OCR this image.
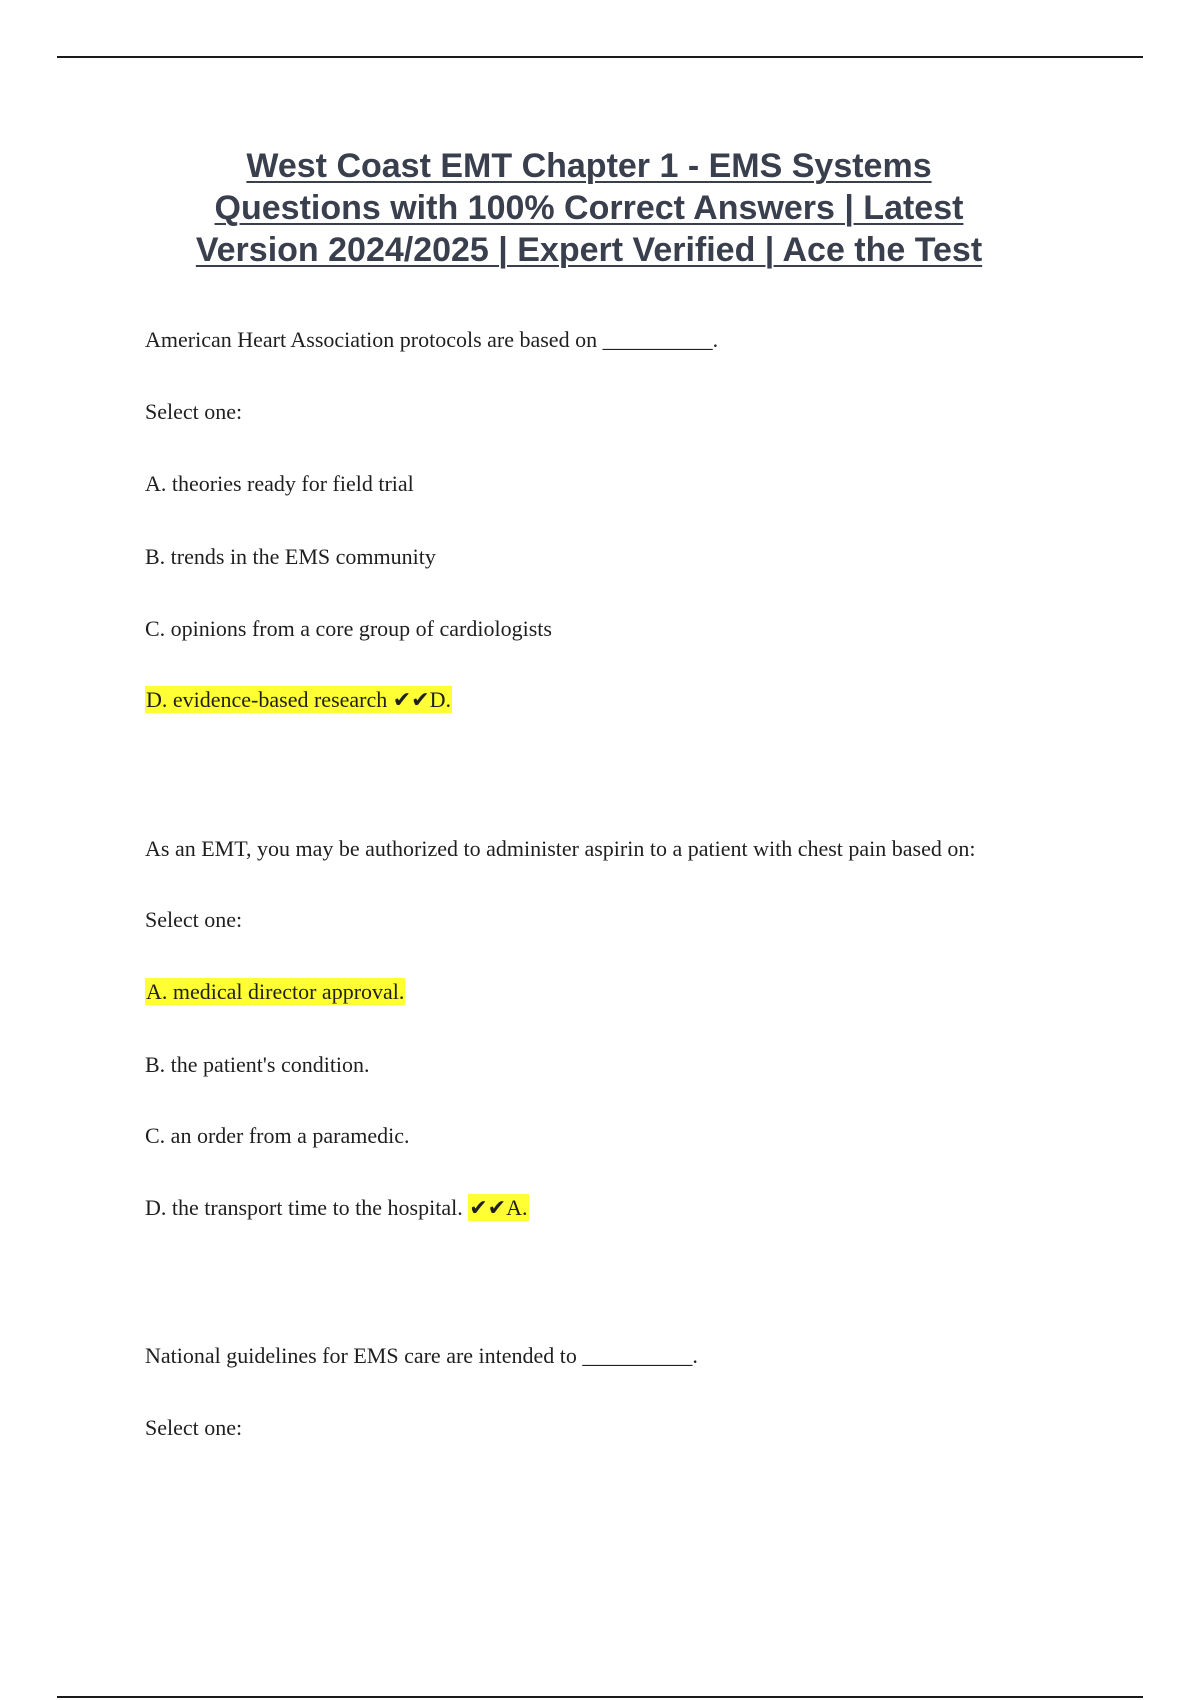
West Coast EMT Chapter 1 - EMS Systems
Questions with 100% Correct Answers | Latest
Version 2024/2025 | Expert Verified | Ace the Test
American Heart Association protocols are based on __________.
Select one:
A. theories ready for field trial
B. trends in the EMS community
C. opinions from a core group of cardiologists
D. evidence-based research ✔✔D.
As an EMT, you may be authorized to administer aspirin to a patient with chest pain based on:
Select one:
A. medical director approval.
B. the patient's condition.
C. an order from a paramedic.
D. the transport time to the hospital. ✔✔A.
National guidelines for EMS care are intended to __________.
Select one:
